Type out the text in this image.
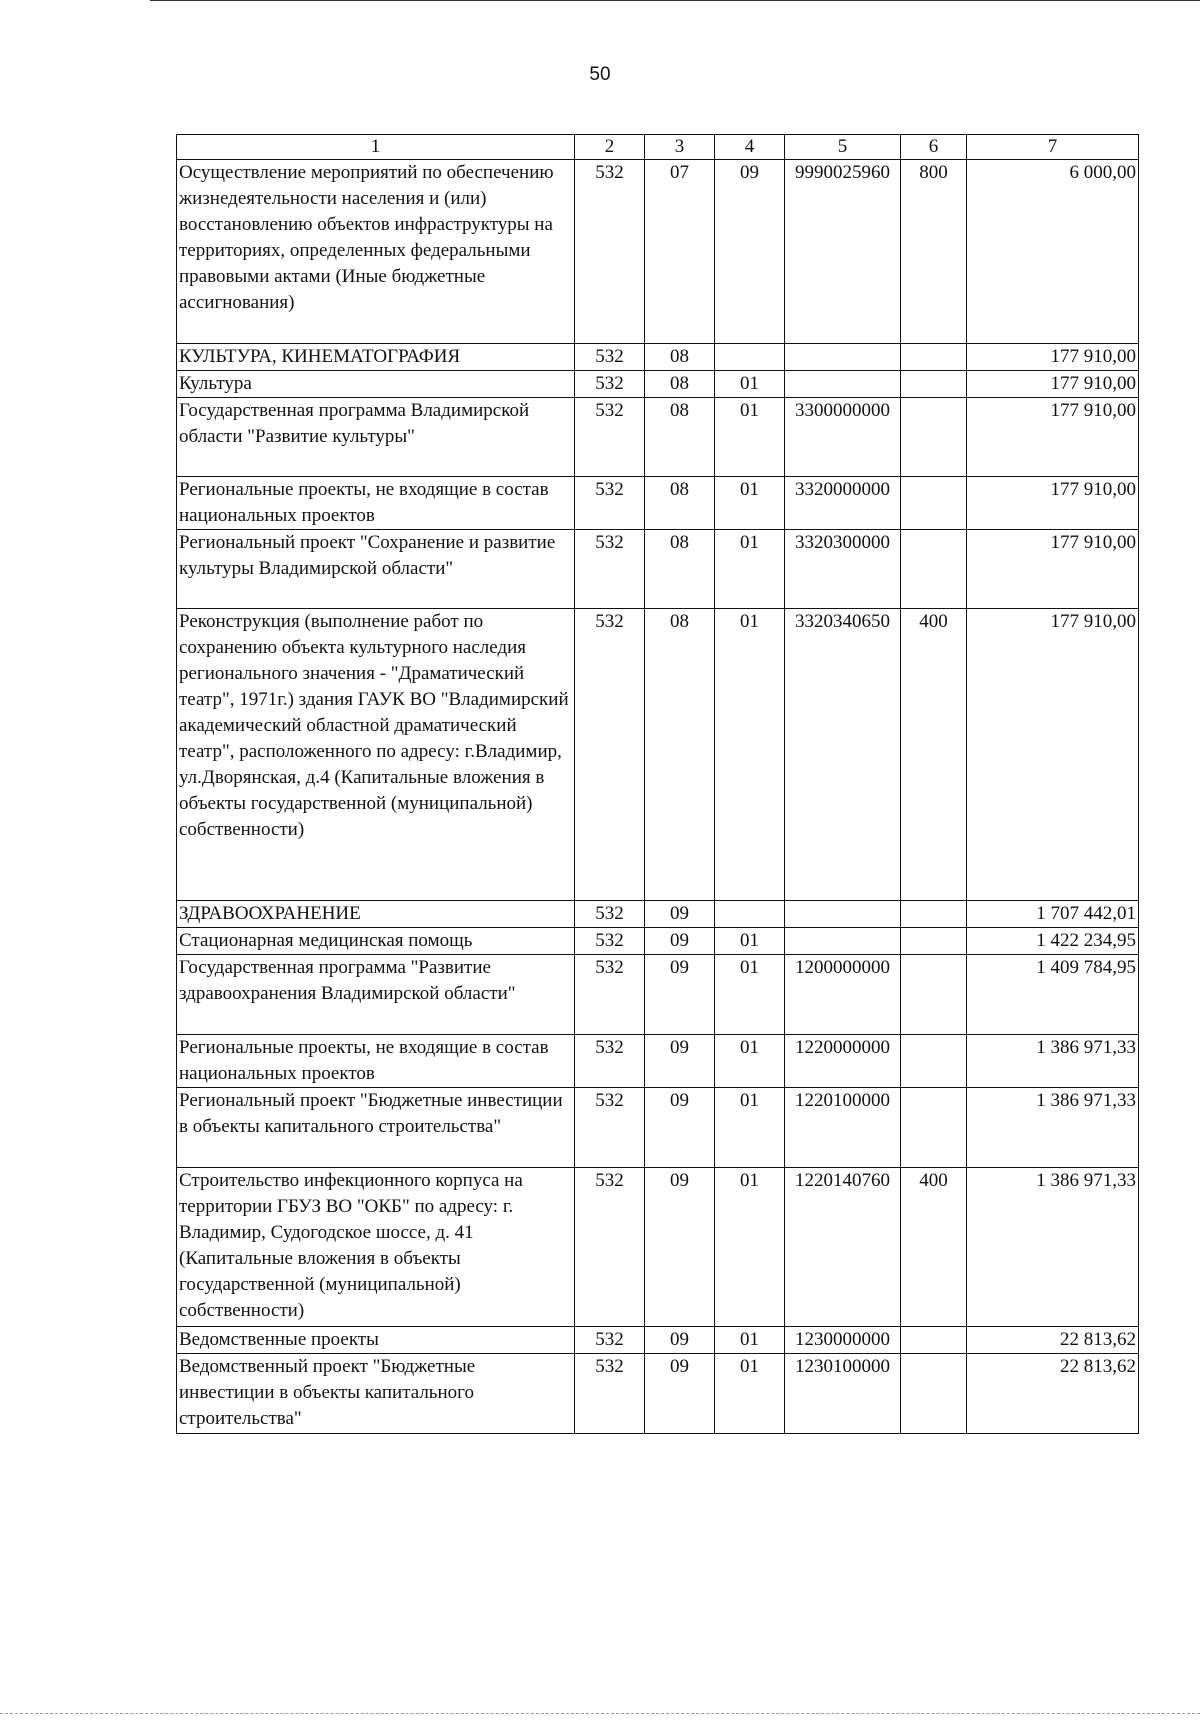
50
1	2	3	4	5	6	7
Осуществление мероприятий по обеспечению жизнедеятельности населения и (или) восстановлению объектов инфраструктуры на территориях, определенных федеральными правовыми актами (Иные бюджетные ассигнования)	532	07	09	9990025960	800	6 000,00
КУЛЬТУРА, КИНЕМАТОГРАФИЯ	532	08				177 910,00
Культура	532	08	01			177 910,00
Государственная программа Владимирской области "Развитие культуры"	532	08	01	3300000000		177 910,00
Региональные проекты, не входящие в состав национальных проектов	532	08	01	3320000000		177 910,00
Региональный проект "Сохранение и развитие культуры Владимирской области"	532	08	01	3320300000		177 910,00
Реконструкция (выполнение работ по сохранению объекта культурного наследия регионального значения - "Драматический театр", 1971г.) здания ГАУК ВО "Владимирский академический областной драматический театр", расположенного по адресу: г.Владимир, ул.Дворянская, д.4 (Капитальные вложения в объекты государственной (муниципальной) собственности)	532	08	01	3320340650	400	177 910,00
ЗДРАВООХРАНЕНИЕ	532	09				1 707 442,01
Стационарная медицинская помощь	532	09	01			1 422 234,95
Государственная программа "Развитие здравоохранения Владимирской области"	532	09	01	1200000000		1 409 784,95
Региональные проекты, не входящие в состав национальных проектов	532	09	01	1220000000		1 386 971,33
Региональный проект "Бюджетные инвестиции в объекты капитального строительства"	532	09	01	1220100000		1 386 971,33
Строительство инфекционного корпуса на территории ГБУЗ ВО "ОКБ" по адресу: г. Владимир, Судогодское шоссе, д. 41 (Капитальные вложения в объекты государственной (муниципальной) собственности)	532	09	01	1220140760	400	1 386 971,33
Ведомственные проекты	532	09	01	1230000000		22 813,62
Ведомственный проект "Бюджетные инвестиции в объекты капитального строительства"	532	09	01	1230100000		22 813,62
